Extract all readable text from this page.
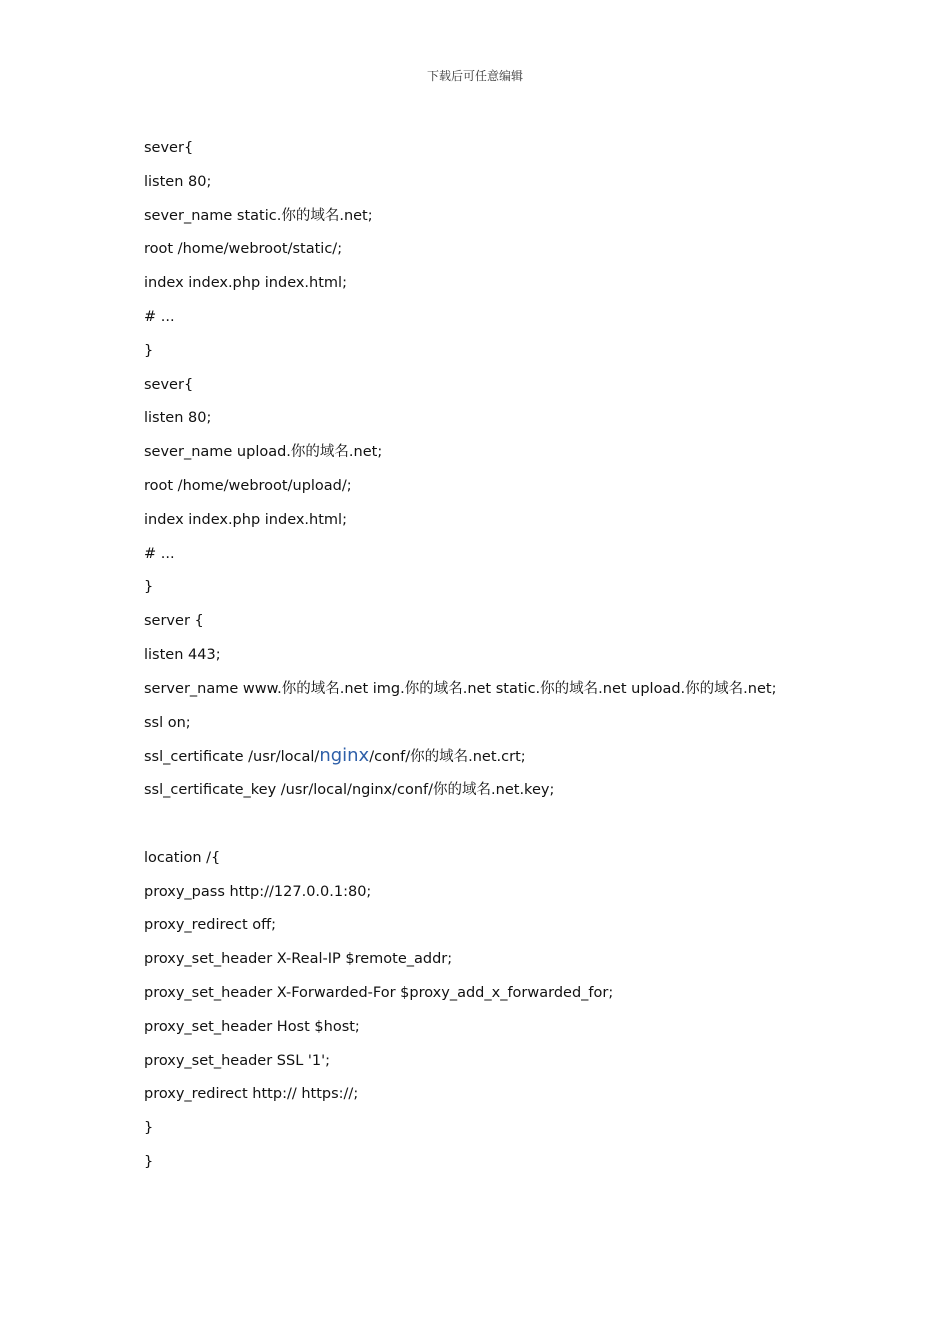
下载后可任意编辑
sever{
listen 80;
sever_name static.你的域名.net;
root /home/webroot/static/;
index index.php index.html;
# ...
}
sever{
listen 80;
sever_name upload.你的域名.net;
root /home/webroot/upload/;
index index.php index.html;
# ...
}
server {
listen 443;
server_name www.你的域名.net img.你的域名.net static.你的域名.net upload.你的域名.net;
ssl on;
ssl_certificate /usr/local/nginx/conf/你的域名.net.crt;
ssl_certificate_key /usr/local/nginx/conf/你的域名.net.key;
location /{
proxy_pass http://127.0.0.1:80;
proxy_redirect off;
proxy_set_header X-Real-IP $remote_addr;
proxy_set_header X-Forwarded-For $proxy_add_x_forwarded_for;
proxy_set_header Host $host;
proxy_set_header SSL '1';
proxy_redirect http:// https://;
}
}
